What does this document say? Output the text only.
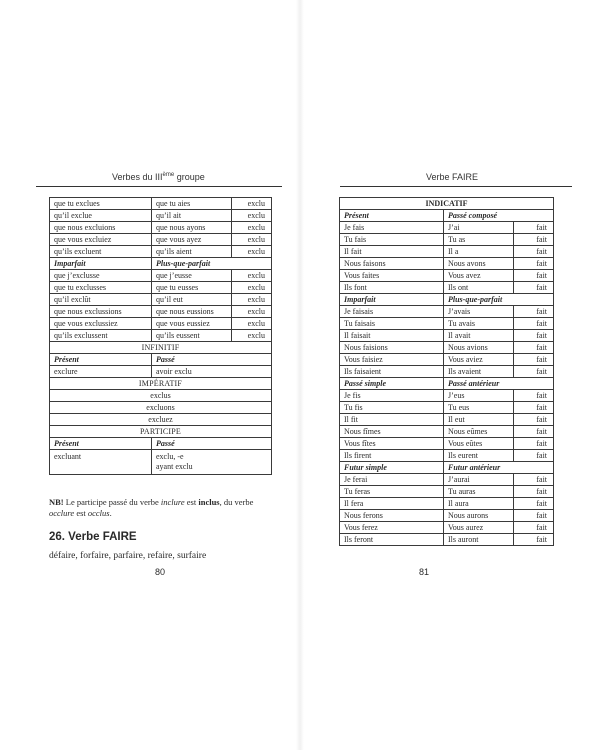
Verbes du IIIème groupe
que tu exclues	que tu aies	exclu
qu’il exclue	qu’il ait	exclu
que nous excluions	que nous ayons	exclu
que vous excluiez	que vous ayez	exclu
qu’ils excluent	qu’ils aient	exclu
Imparfait	Plus-que-parfait	
que j’exclusse	que j’eusse	exclu
que tu exclusses	que tu eusses	exclu
qu’il exclût	qu’il eut	exclu
que nous exclussions	que nous eussions	exclu
que vous exclussiez	que vous eussiez	exclu
qu’ils exclussent	qu’ils eussent	exclu
INFINITIF		
Présent	Passé	
exclure	avoir exclu	
IMPÉRATIF		
exclus		
excluons		
excluez		
PARTICIPE		
Présent	Passé	
excluant	exclu, -e
ayant exclu	
NB! Le participe passé du verbe inclure est inclus, du verbe occlure est occlus.
26. Verbe FAIRE
défaire, forfaire, parfaire, refaire, surfaire
80
Verbe FAIRE
INDICATIF		
Présent	Passé composé	
Je fais	J’ai	fait
Tu fais	Tu as	fait
Il fait	Il a	fait
Nous faisons	Nous avons	fait
Vous faites	Vous avez	fait
Ils font	Ils ont	fait
Imparfait	Plus-que-parfait	
Je faisais	J’avais	fait
Tu faisais	Tu avais	fait
Il faisait	Il avait	fait
Nous faisions	Nous avions	fait
Vous faisiez	Vous aviez	fait
Ils faisaient	Ils avaient	fait
Passé simple	Passé antérieur	
Je fis	J’eus	fait
Tu fis	Tu eus	fait
Il fit	Il eut	fait
Nous fîmes	Nous eûmes	fait
Vous fîtes	Vous eûtes	fait
Ils firent	Ils eurent	fait
Futur simple	Futur antérieur	
Je ferai	J’aurai	fait
Tu feras	Tu auras	fait
Il fera	Il aura	fait
Nous ferons	Nous aurons	fait
Vous ferez	Vous aurez	fait
Ils feront	Ils auront	fait
81
